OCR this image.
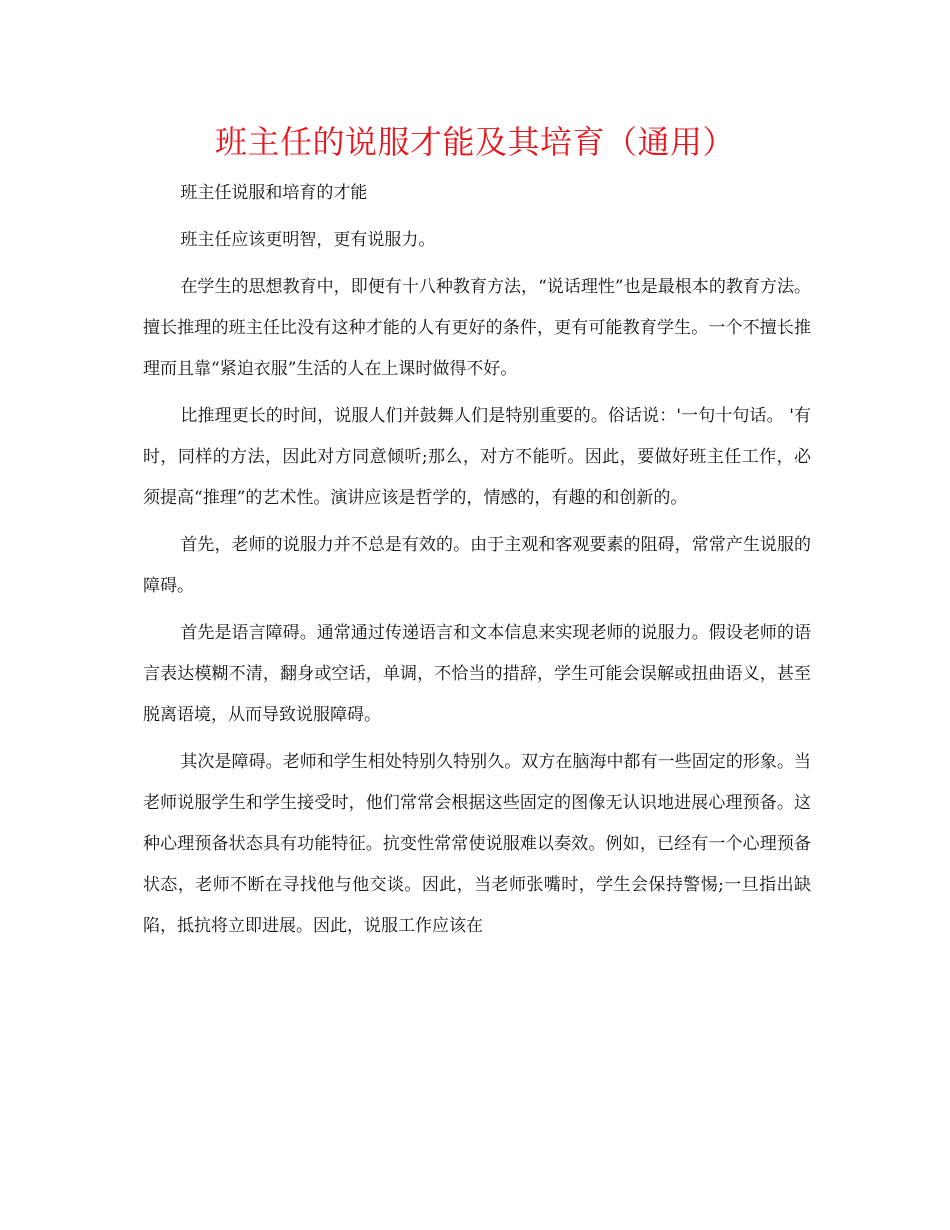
班主任的说服才能及其培育（通用）

班主任说服和培育的才能

班主任应该更明智，更有说服力。

在学生的思想教育中，即便有十八种教育方法，“说话理性”也是最根本的教育方法。擅长推理的班主任比没有这种才能的人有更好的条件，更有可能教育学生。一个不擅长推理而且靠“紧迫衣服”生活的人在上课时做得不好。

比推理更长的时间，说服人们并鼓舞人们是特别重要的。俗话说：'一句十句话。 '有时，同样的方法，因此对方同意倾听;那么，对方不能听。因此，要做好班主任工作，必须提高“推理”的艺术性。演讲应该是哲学的，情感的，有趣的和创新的。

首先，老师的说服力并不总是有效的。由于主观和客观要素的阻碍，常常产生说服的障碍。

首先是语言障碍。通常通过传递语言和文本信息来实现老师的说服力。假设老师的语言表达模糊不清，翻身或空话，单调，不恰当的措辞，学生可能会误解或扭曲语义，甚至脱离语境，从而导致说服障碍。

其次是障碍。老师和学生相处特别久特别久。双方在脑海中都有一些固定的形象。当老师说服学生和学生接受时，他们常常会根据这些固定的图像无认识地进展心理预备。这种心理预备状态具有功能特征。抗变性常常使说服难以奏效。例如，已经有一个心理预备状态，老师不断在寻找他与他交谈。因此，当老师张嘴时，学生会保持警惕;一旦指出缺陷，抵抗将立即进展。因此，说服工作应该在
